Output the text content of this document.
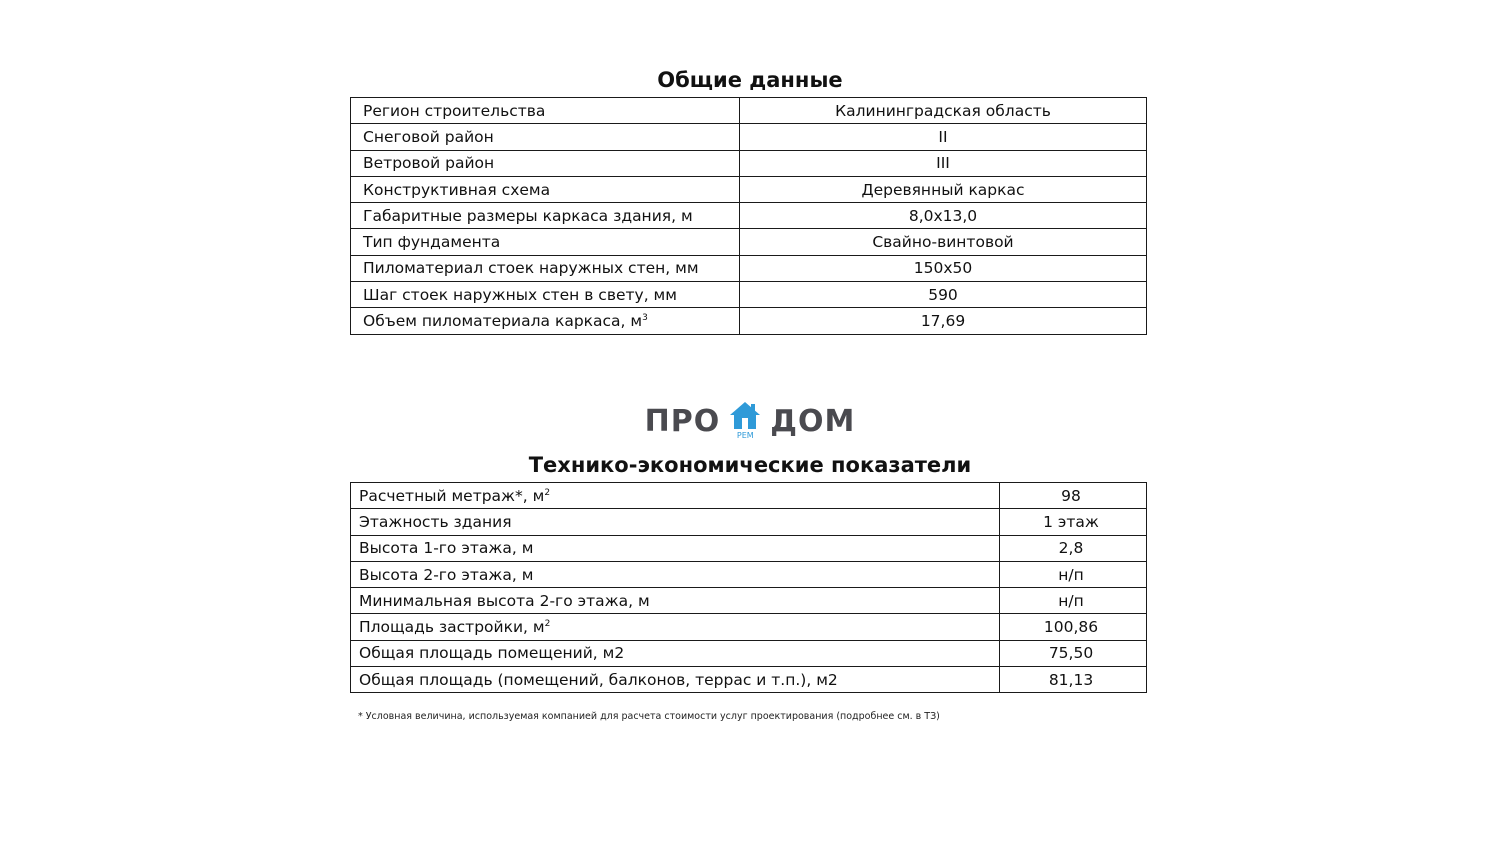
Общие данные
Регион строительства	Калининградская область
Снеговой район	II
Ветровой район	III
Конструктивная схема	Деревянный каркас
Габаритные размеры каркаса здания, м	8,0х13,0
Тип фундамента	Свайно-винтовой
Пиломатериал стоек наружных стен, мм	150х50
Шаг стоек наружных стен в свету, мм	590
Объем пиломатериала каркаса, $м^3$	17,69
ПРО	РЕМ ДОМ
Технико-экономические показатели
Расчетный метраж*, $м^2$	98
Этажность здания	1 этаж
Высота 1-го этажа, м	2,8
Высота 2-го этажа, м	н/п
Минимальная высота 2-го этажа, м	н/п
Площадь застройки, $м^2$	100,86
Общая площадь помещений, м2	75,50
Общая площадь (помещений, балконов, террас и т.п.), м2	81,13
* Условная величина, используемая компанией для расчета стоимости услуг проектирования (подробнее см. в ТЗ)
